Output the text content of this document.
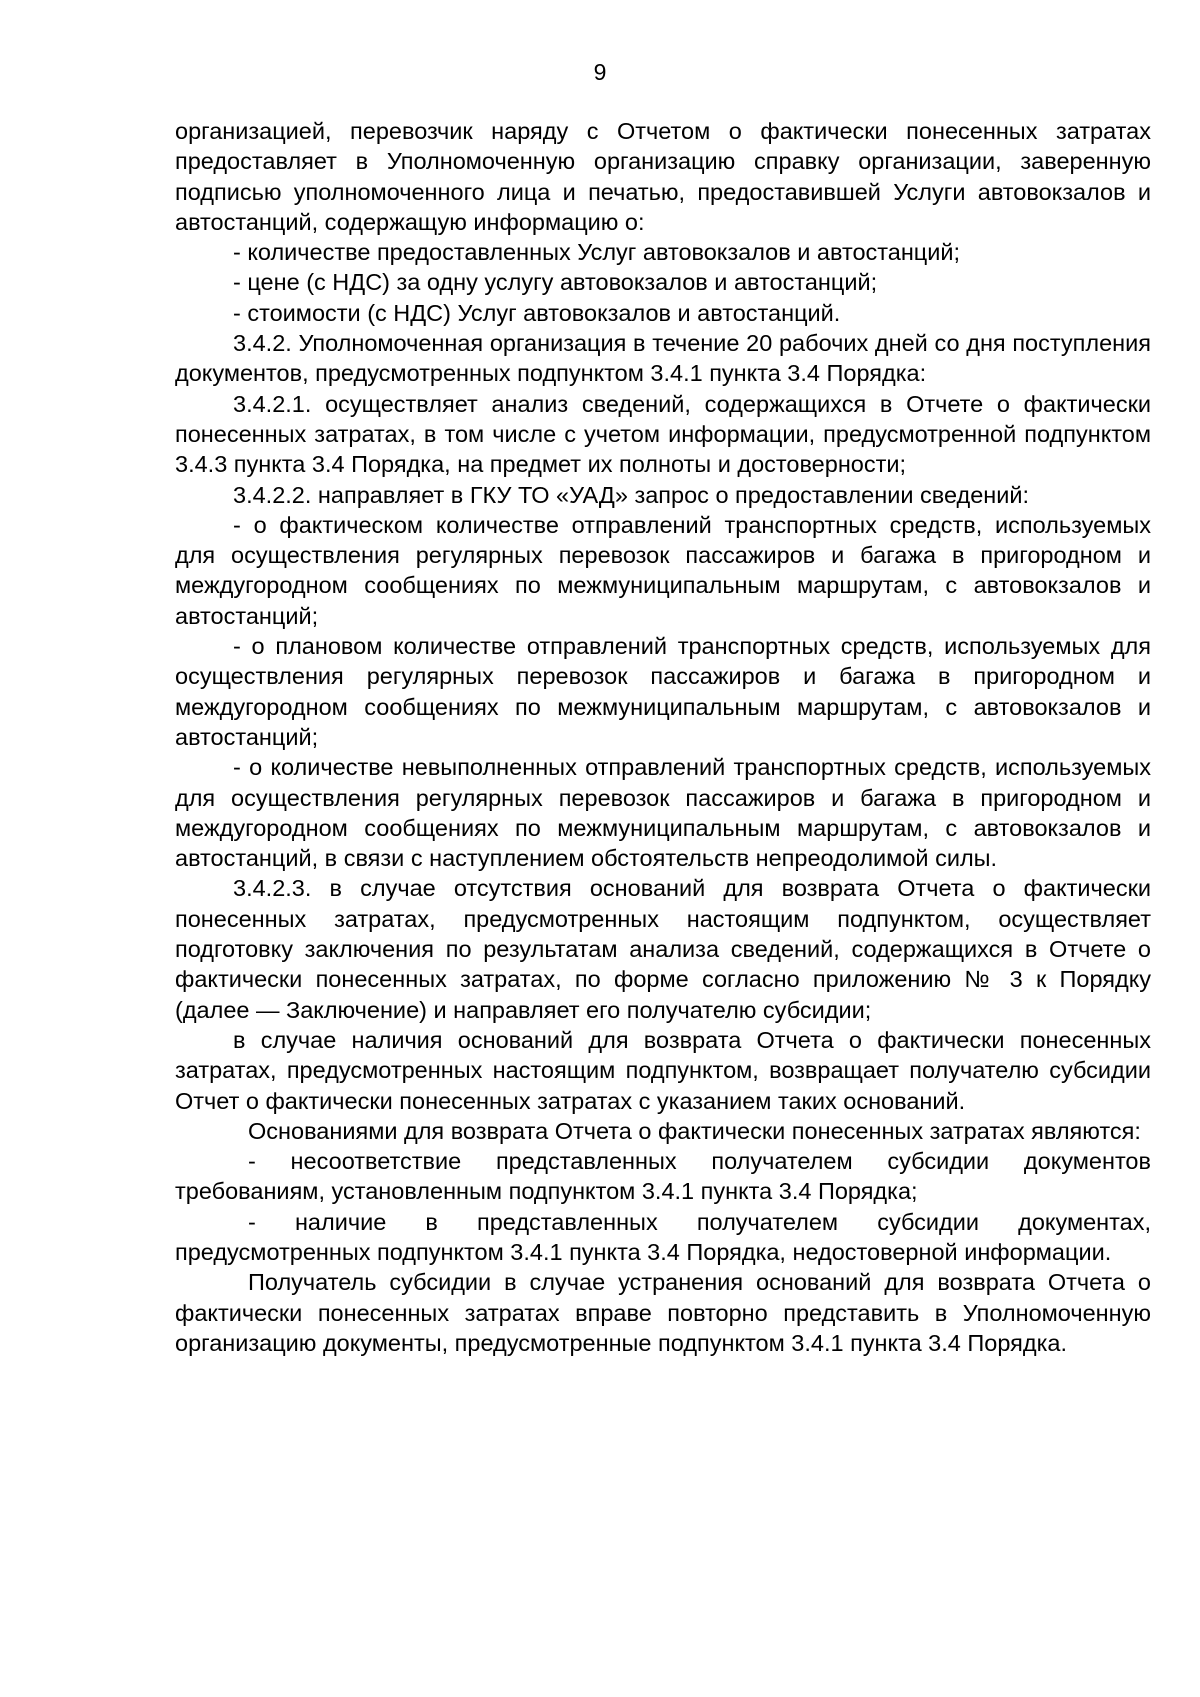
9

организацией, перевозчик наряду с Отчетом о фактически понесенных затратах предоставляет в Уполномоченную организацию справку организации, заверенную подписью уполномоченного лица и печатью, предоставившей Услуги автовокзалов и автостанций, содержащую информацию о:

- количестве предоставленных Услуг автовокзалов и автостанций;

- цене (с НДС) за одну услугу автовокзалов и автостанций;

- стоимости (с НДС) Услуг автовокзалов и автостанций.

3.4.2. Уполномоченная организация в течение 20 рабочих дней со дня поступления документов, предусмотренных подпунктом 3.4.1 пункта 3.4 Порядка:

3.4.2.1. осуществляет анализ сведений, содержащихся в Отчете о фактически понесенных затратах, в том числе с учетом информации, предусмотренной подпунктом 3.4.3 пункта 3.4 Порядка, на предмет их полноты и достоверности;

3.4.2.2. направляет в ГКУ ТО «УАД» запрос о предоставлении сведений:

- о фактическом количестве отправлений транспортных средств, используемых для осуществления регулярных перевозок пассажиров и багажа в пригородном и междугородном сообщениях по межмуниципальным маршрутам, с автовокзалов и автостанций;

- о плановом количестве отправлений транспортных средств, используемых для осуществления регулярных перевозок пассажиров и багажа в пригородном и междугородном сообщениях по межмуниципальным маршрутам, с автовокзалов и автостанций;

- о количестве невыполненных отправлений транспортных средств, используемых для осуществления регулярных перевозок пассажиров и багажа в пригородном и междугородном сообщениях по межмуниципальным маршрутам, с автовокзалов и автостанций, в связи с наступлением обстоятельств непреодолимой силы.

3.4.2.3. в случае отсутствия оснований для возврата Отчета о фактически понесенных затратах, предусмотренных настоящим подпунктом, осуществляет подготовку заключения по результатам анализа сведений, содержащихся в Отчете о фактически понесенных затратах, по форме согласно приложению № 3 к Порядку (далее — Заключение) и направляет его получателю субсидии;

в случае наличия оснований для возврата Отчета о фактически понесенных затратах, предусмотренных настоящим подпунктом, возвращает получателю субсидии Отчет о фактически понесенных затратах с указанием таких оснований.

Основаниями для возврата Отчета о фактически понесенных затратах являются:

- несоответствие представленных получателем субсидии документов требованиям, установленным подпунктом 3.4.1 пункта 3.4 Порядка;

- наличие в представленных получателем субсидии документах, предусмотренных подпунктом 3.4.1 пункта 3.4 Порядка, недостоверной информации.

Получатель субсидии в случае устранения оснований для возврата Отчета о фактически понесенных затратах вправе повторно представить в Уполномоченную организацию документы, предусмотренные подпунктом 3.4.1 пункта 3.4 Порядка.
